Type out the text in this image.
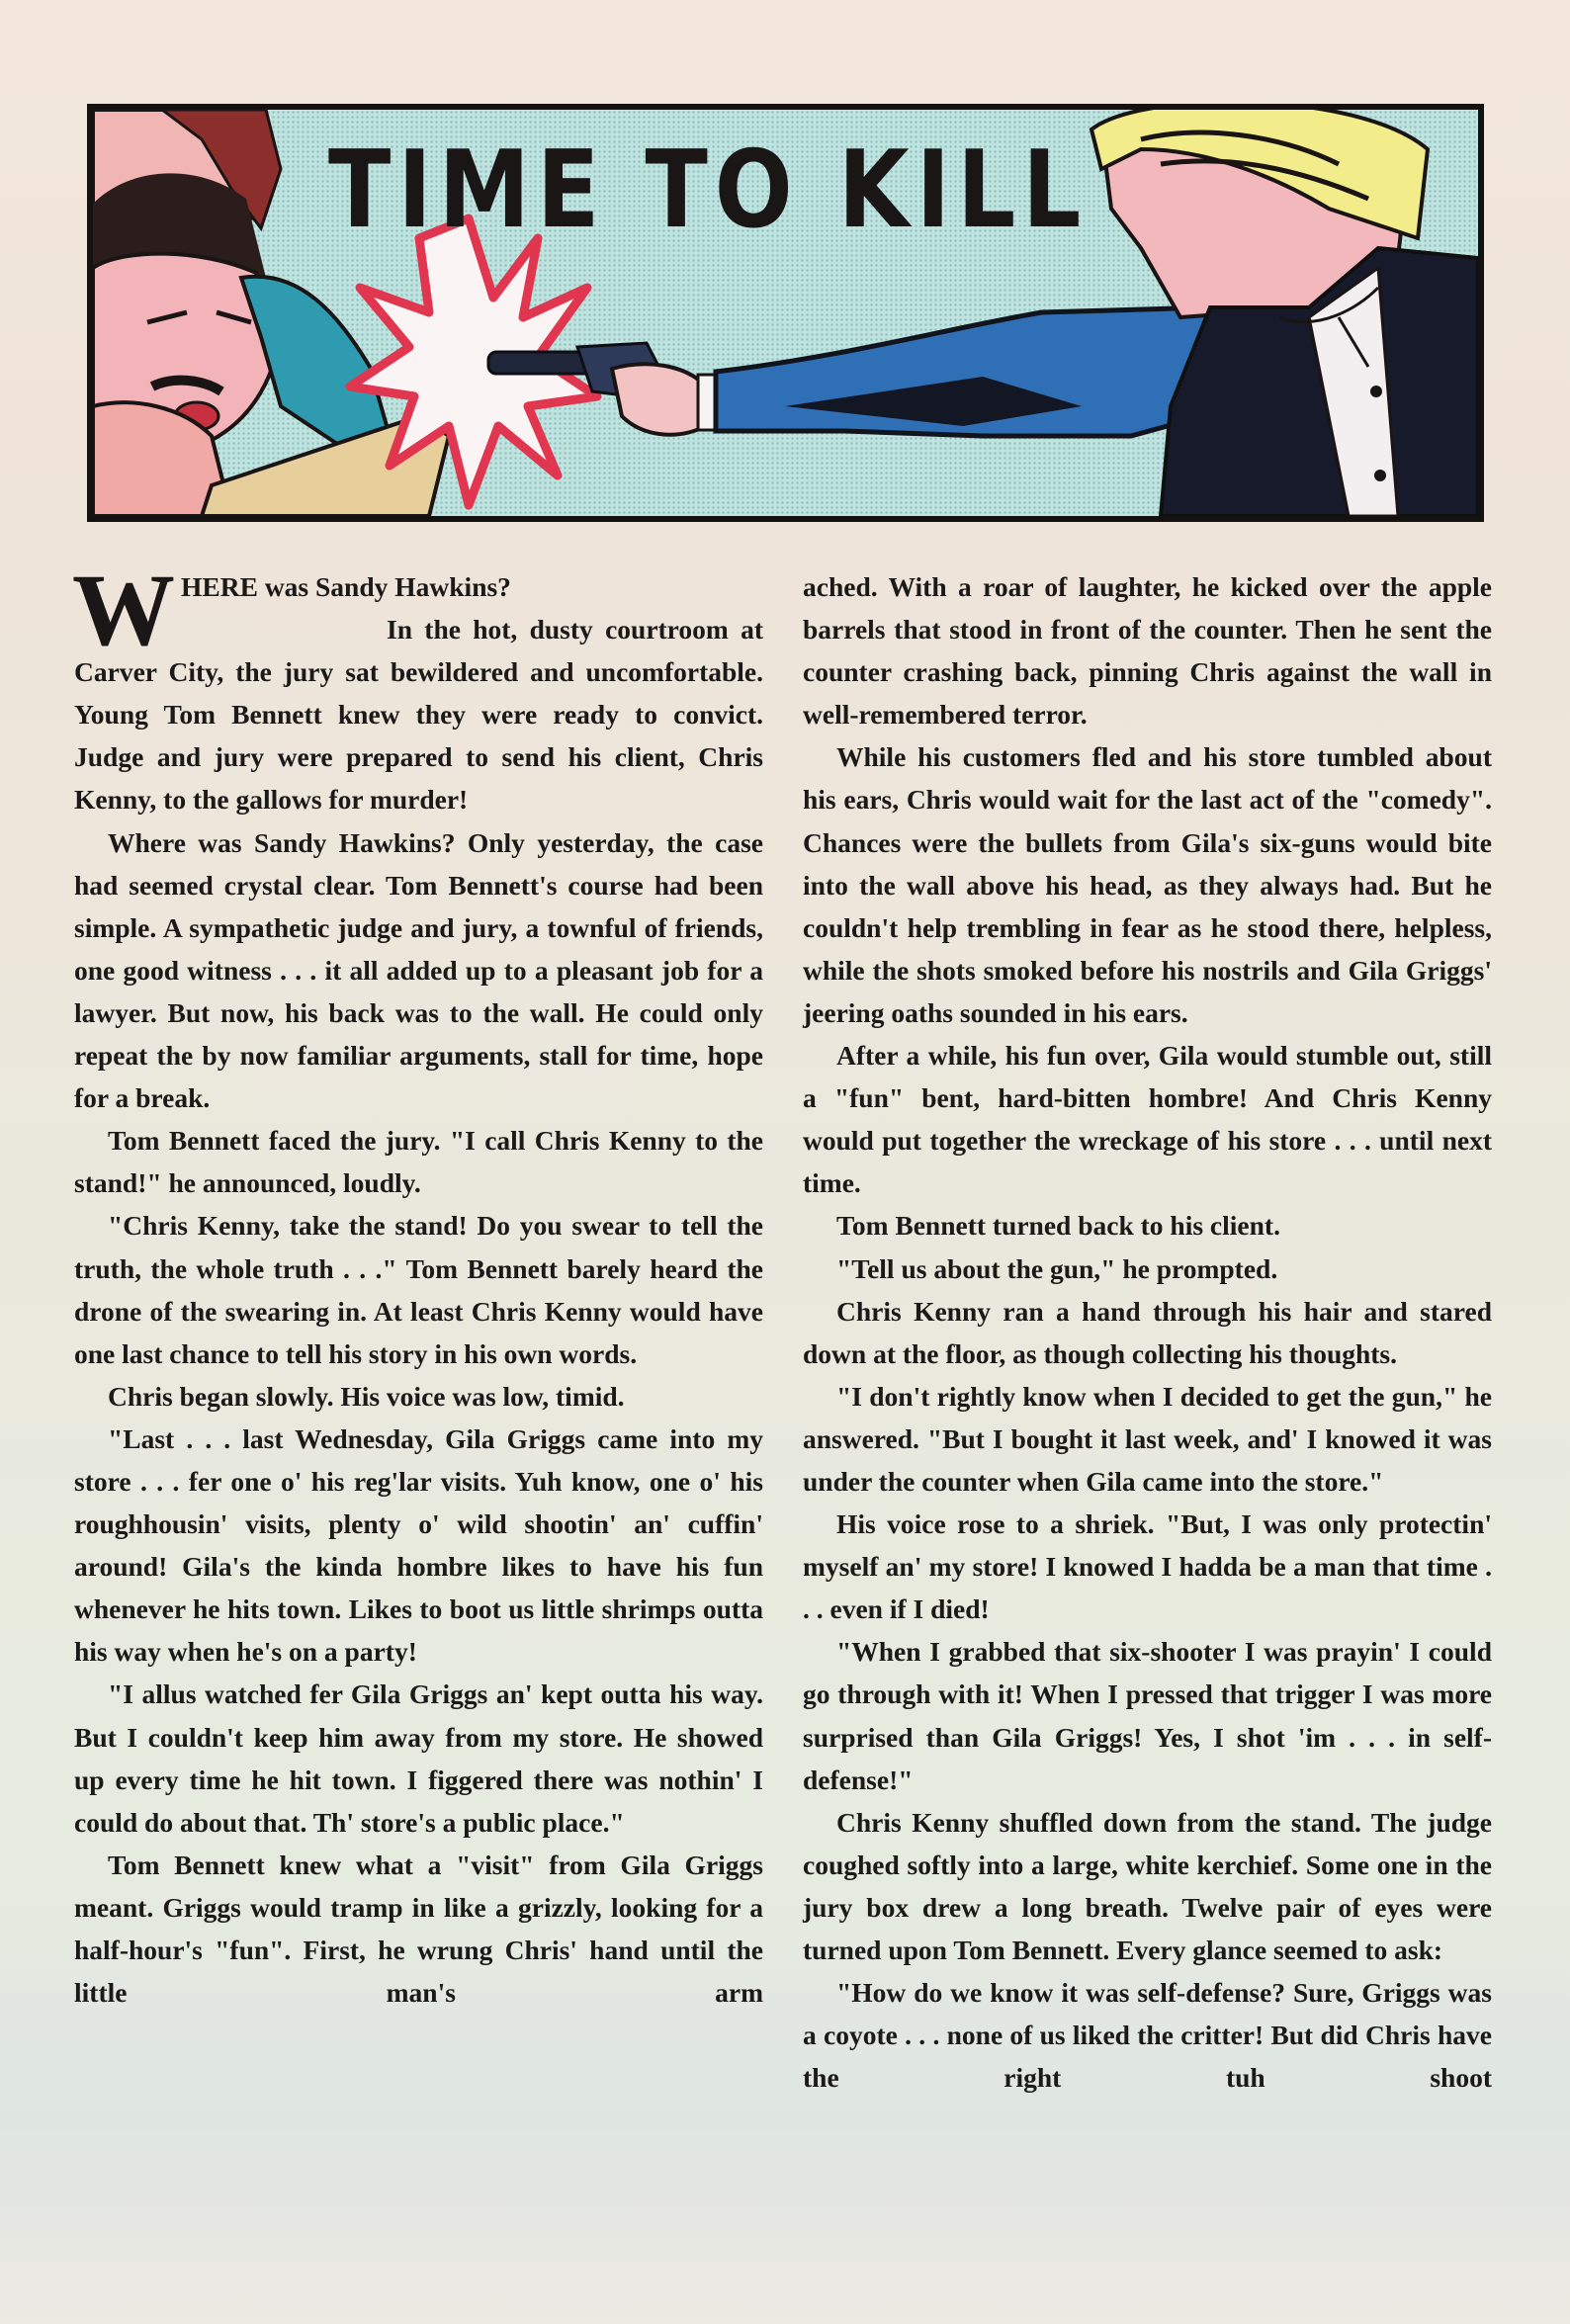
TIME TO KILL

WHERE was Sandy Hawkins?

In the hot, dusty courtroom at Carver City, the jury sat bewildered and uncomfortable. Young Tom Bennett knew they were ready to convict. Judge and jury were prepared to send his client, Chris Kenny, to the gallows for murder!

Where was Sandy Hawkins? Only yesterday, the case had seemed crystal clear. Tom Bennett's course had been simple. A sympathetic judge and jury, a townful of friends, one good witness . . . it all added up to a pleasant job for a lawyer. But now, his back was to the wall. He could only repeat the by now familiar arguments, stall for time, hope for a break.

Tom Bennett faced the jury. "I call Chris Kenny to the stand!" he announced, loudly.

"Chris Kenny, take the stand! Do you swear to tell the truth, the whole truth . . ." Tom Bennett barely heard the drone of the swearing in. At least Chris Kenny would have one last chance to tell his story in his own words.

Chris began slowly. His voice was low, timid.

"Last . . . last Wednesday, Gila Griggs came into my store . . . fer one o' his reg'lar visits. Yuh know, one o' his roughhousin' visits, plenty o' wild shootin' an' cuffin' around! Gila's the kinda hombre likes to have his fun whenever he hits town. Likes to boot us little shrimps outta his way when he's on a party!

"I allus watched fer Gila Griggs an' kept outta his way. But I couldn't keep him away from my store. He showed up every time he hit town. I figgered there was nothin' I could do about that. Th' store's a public place."

Tom Bennett knew what a "visit" from Gila Griggs meant. Griggs would tramp in like a grizzly, looking for a half-hour's "fun". First, he wrung Chris' hand until the little man's arm

ached. With a roar of laughter, he kicked over the apple barrels that stood in front of the counter. Then he sent the counter crashing back, pinning Chris against the wall in well-remembered terror.

While his customers fled and his store tumbled about his ears, Chris would wait for the last act of the "comedy". Chances were the bullets from Gila's six-guns would bite into the wall above his head, as they always had. But he couldn't help trembling in fear as he stood there, helpless, while the shots smoked before his nostrils and Gila Griggs' jeering oaths sounded in his ears.

After a while, his fun over, Gila would stumble out, still a "fun" bent, hard-bitten hombre! And Chris Kenny would put together the wreckage of his store . . . until next time.

Tom Bennett turned back to his client.

"Tell us about the gun," he prompted.

Chris Kenny ran a hand through his hair and stared down at the floor, as though collecting his thoughts.

"I don't rightly know when I decided to get the gun," he answered. "But I bought it last week, and' I knowed it was under the counter when Gila came into the store."

His voice rose to a shriek. "But, I was only protectin' myself an' my store! I knowed I hadda be a man that time . . . even if I died!

"When I grabbed that six-shooter I was prayin' I could go through with it! When I pressed that trigger I was more surprised than Gila Griggs! Yes, I shot 'im . . . in self-defense!"

Chris Kenny shuffled down from the stand. The judge coughed softly into a large, white kerchief. Some one in the jury box drew a long breath. Twelve pair of eyes were turned upon Tom Bennett. Every glance seemed to ask:

"How do we know it was self-defense? Sure, Griggs was a coyote . . . none of us liked the critter! But did Chris have the right tuh shoot
